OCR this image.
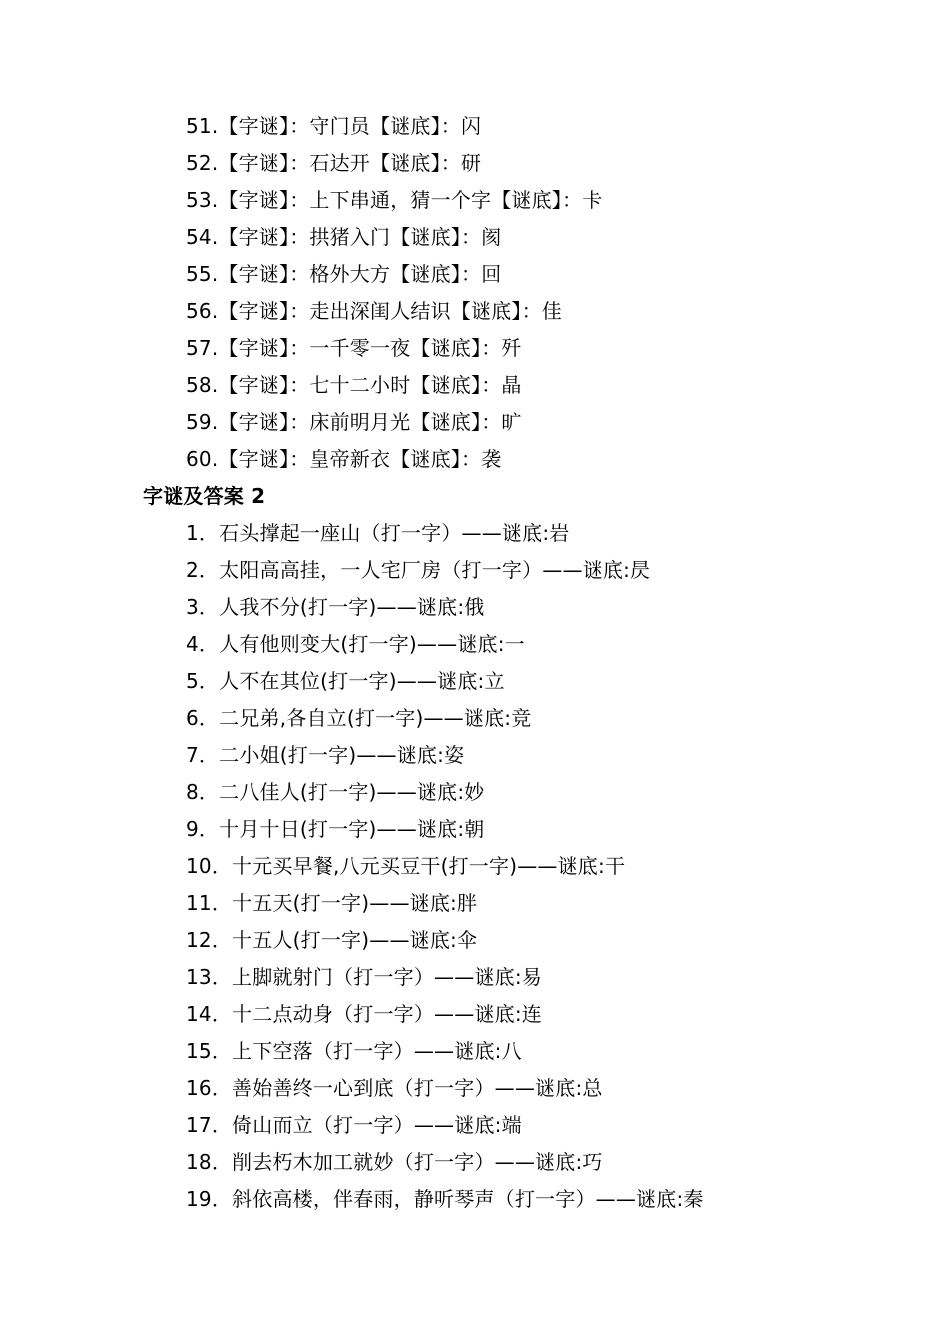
51.【字谜】：守门员【谜底】：闪
52.【字谜】：石达开【谜底】：研
53.【字谜】：上下串通，猜一个字【谜底】：卡
54.【字谜】：拱猪入门【谜底】：阂
55.【字谜】：格外大方【谜底】：回
56.【字谜】：走出深闺人结识【谜底】：佳
57.【字谜】：一千零一夜【谜底】：歼
58.【字谜】：七十二小时【谜底】：晶
59.【字谜】：床前明月光【谜底】：旷
60.【字谜】：皇帝新衣【谜底】：袭
字谜及答案 2
1．石头撑起一座山（打一字）——谜底:岩
2．太阳高高挂，一人宅厂房（打一字）——谜底:昃
3．人我不分(打一字)——谜底:俄
4．人有他则变大(打一字)——谜底:一
5．人不在其位(打一字)——谜底:立
6．二兄弟,各自立(打一字)——谜底:竞
7．二小姐(打一字)——谜底:姿
8．二八佳人(打一字)——谜底:妙
9．十月十日(打一字)——谜底:朝
10．十元买早餐,八元买豆干(打一字)——谜底:干
11．十五天(打一字)——谜底:胖
12．十五人(打一字)——谜底:伞
13．上脚就射门（打一字）——谜底:易
14．十二点动身（打一字）——谜底:连
15．上下空落（打一字）——谜底:八
16．善始善终一心到底（打一字）——谜底:总
17．倚山而立（打一字）——谜底:端
18．削去朽木加工就妙（打一字）——谜底:巧
19．斜依高楼，伴春雨，静听琴声（打一字）——谜底:秦
